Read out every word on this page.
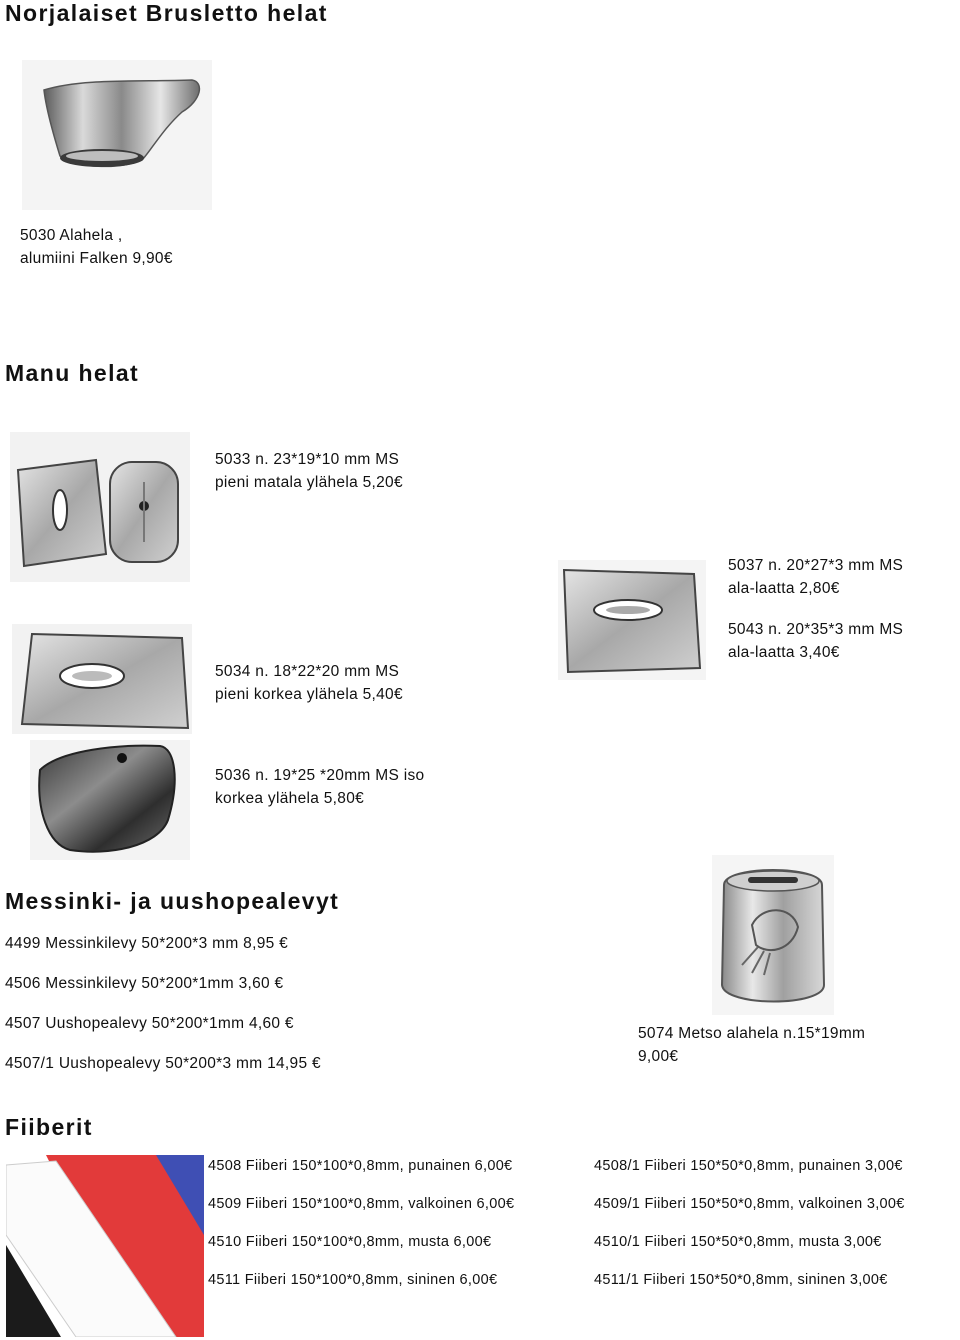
Norjalaiset Brusletto helat
5030 Alahela ,
alumiini Falken 9,90€
Manu helat
5033 n. 23*19*10 mm MS
pieni matala ylähela 5,20€
5034 n. 18*22*20 mm MS
pieni korkea ylähela 5,40€
5037 n. 20*27*3 mm MS
ala-laatta 2,80€
5043 n. 20*35*3 mm MS
ala-laatta 3,40€
5036 n. 19*25 *20mm MS iso
korkea ylähela 5,80€
Messinki- ja uushopealevyt
4499 Messinkilevy 50*200*3 mm 8,95 €
4506 Messinkilevy 50*200*1mm 3,60 €
4507 Uushopealevy 50*200*1mm 4,60 €
4507/1 Uushopealevy 50*200*3 mm 14,95 €
5074 Metso alahela n.15*19mm
9,00€
Fiiberit
4508 Fiiberi 150*100*0,8mm, punainen 6,00€
4509 Fiiberi 150*100*0,8mm, valkoinen 6,00€
4510 Fiiberi 150*100*0,8mm, musta 6,00€
4511 Fiiberi 150*100*0,8mm, sininen 6,00€
4508/1 Fiiberi 150*50*0,8mm, punainen 3,00€
4509/1 Fiiberi 150*50*0,8mm, valkoinen 3,00€
4510/1 Fiiberi 150*50*0,8mm, musta 3,00€
4511/1 Fiiberi 150*50*0,8mm, sininen 3,00€
